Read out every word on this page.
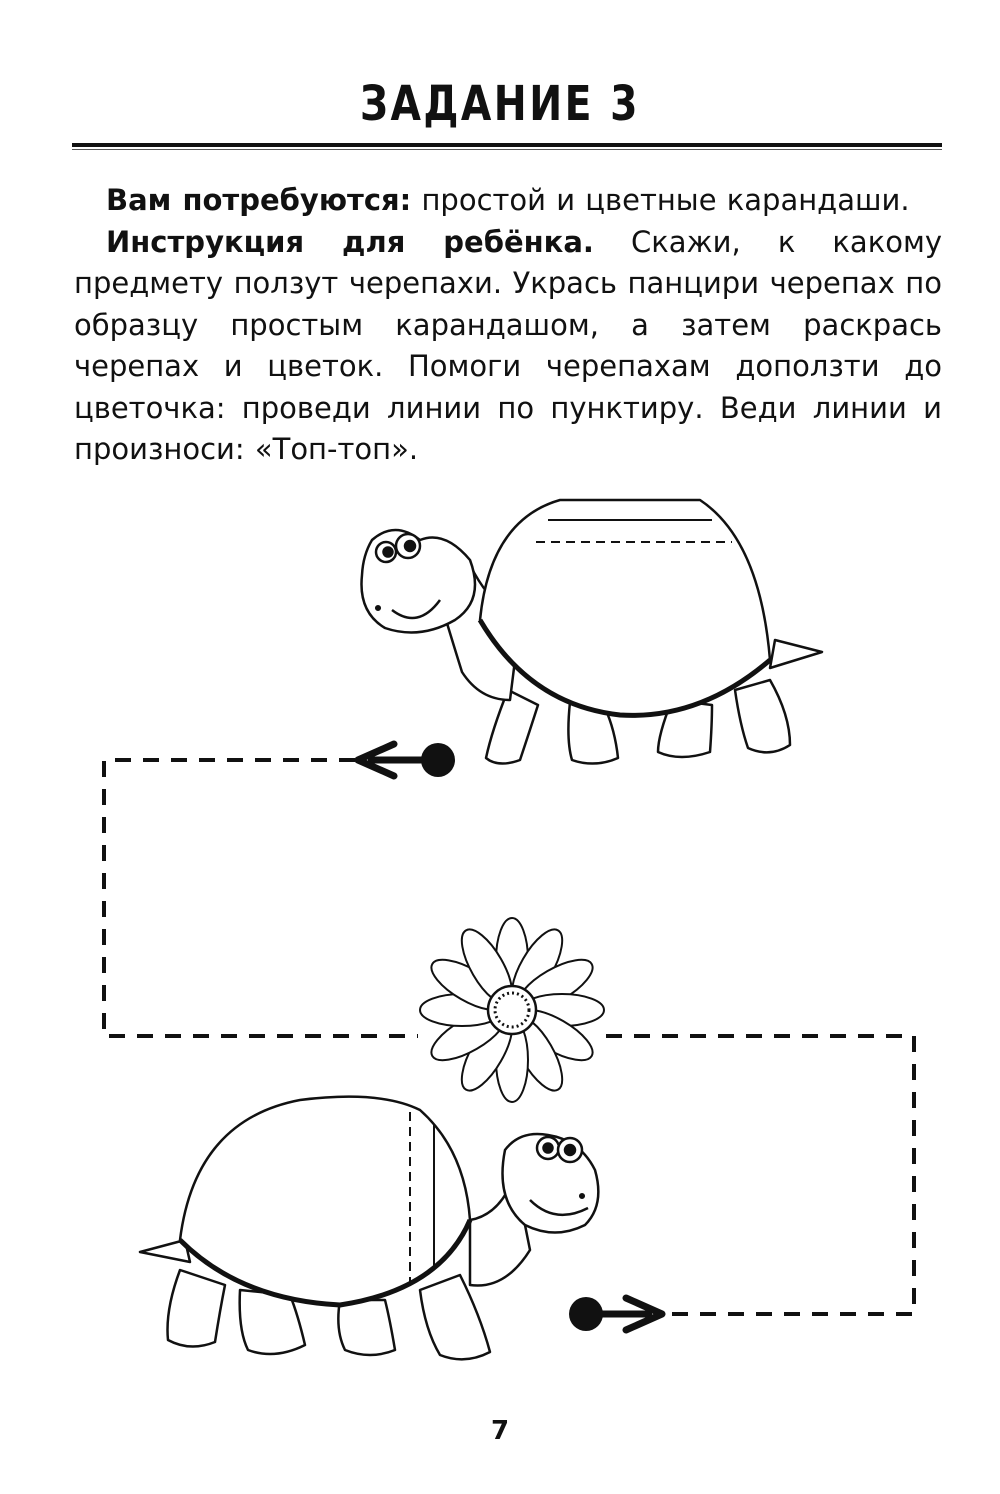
ЗАДАНИЕ 3

Вам потребуются: простой и цветные карандаши.

Инструкция для ребёнка. Скажи, к какому предмету ползут черепахи. Укрась панцири черепах по образцу простым карандашом, а затем раскрась черепах и цветок. Помоги черепахам доползти до цветочка: проведи линии по пунктиру. Веди линии и произноси: «Топ-топ».

7
